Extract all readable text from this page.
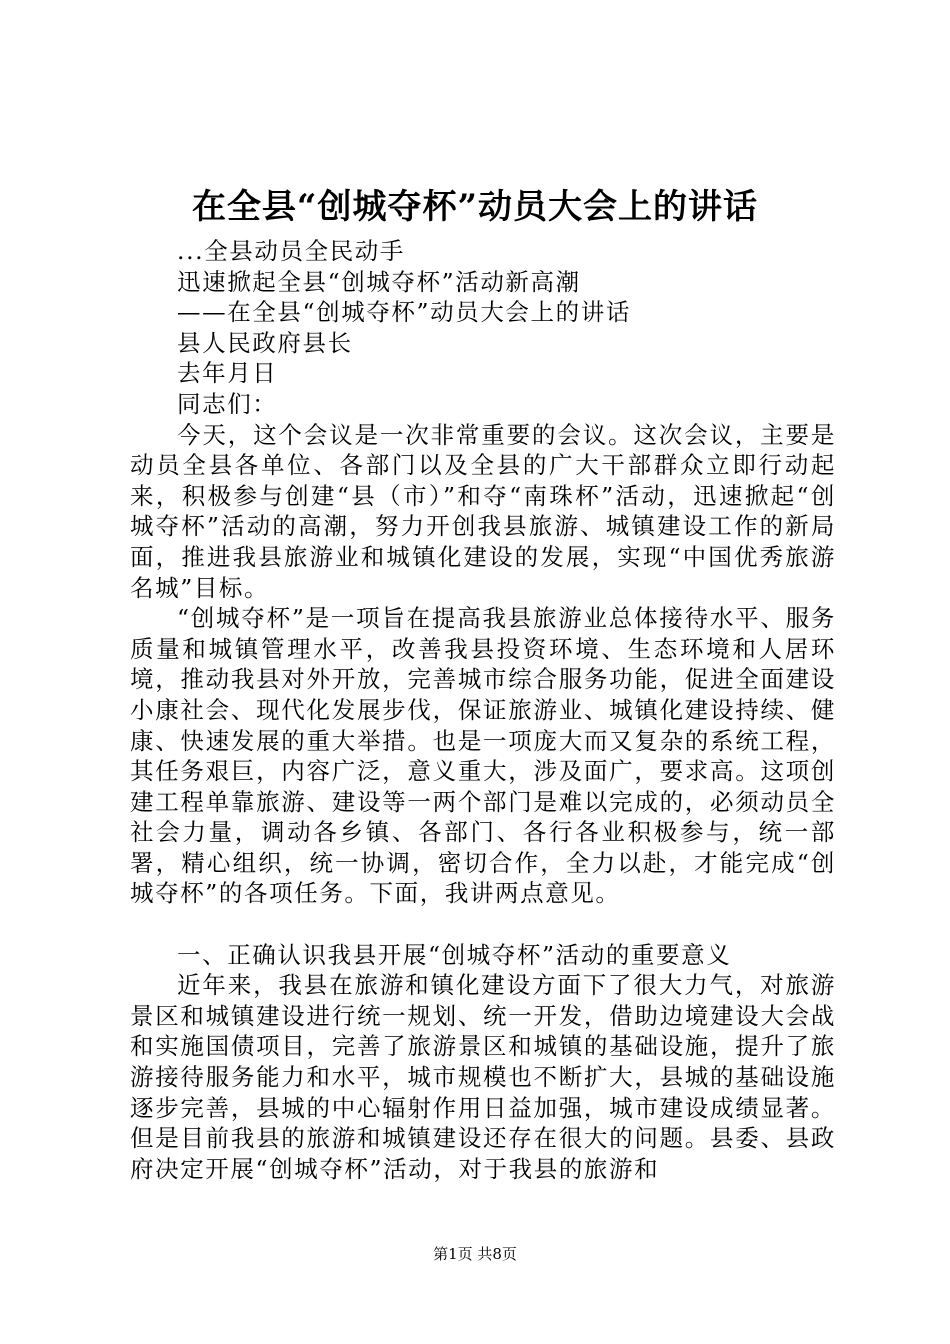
在全县“创城夺杯”动员大会上的讲话
...全县动员全民动手
迅速掀起全县“创城夺杯”活动新高潮
——在全县“创城夺杯”动员大会上的讲话
县人民政府县长
去年月日
同志们：

今天，这个会议是一次非常重要的会议。这次会议，主要是动员全县各单位、各部门以及全县的广大干部群众立即行动起来，积极参与创建“县（市）”和夺“南珠杯”活动，迅速掀起“创城夺杯”活动的高潮，努力开创我县旅游、城镇建设工作的新局面，推进我县旅游业和城镇化建设的发展，实现“中国优秀旅游名城”目标。

“创城夺杯”是一项旨在提高我县旅游业总体接待水平、服务质量和城镇管理水平，改善我县投资环境、生态环境和人居环境，推动我县对外开放，完善城市综合服务功能，促进全面建设小康社会、现代化发展步伐，保证旅游业、城镇化建设持续、健康、快速发展的重大举措。也是一项庞大而又复杂的系统工程，其任务艰巨，内容广泛，意义重大，涉及面广，要求高。这项创建工程单靠旅游、建设等一两个部门是难以完成的，必须动员全社会力量，调动各乡镇、各部门、各行各业积极参与，统一部署，精心组织，统一协调，密切合作，全力以赴，才能完成“创城夺杯”的各项任务。下面，我讲两点意见。

一、正确认识我县开展“创城夺杯”活动的重要意义

近年来，我县在旅游和镇化建设方面下了很大力气，对旅游景区和城镇建设进行统一规划、统一开发，借助边境建设大会战和实施国债项目，完善了旅游景区和城镇的基础设施，提升了旅游接待服务能力和水平，城市规模也不断扩大，县城的基础设施逐步完善，县城的中心辐射作用日益加强，城市建设成绩显著。但是目前我县的旅游和城镇建设还存在很大的问题。县委、县政府决定开展“创城夺杯”活动，对于我县的旅游和

第1页 共8页
